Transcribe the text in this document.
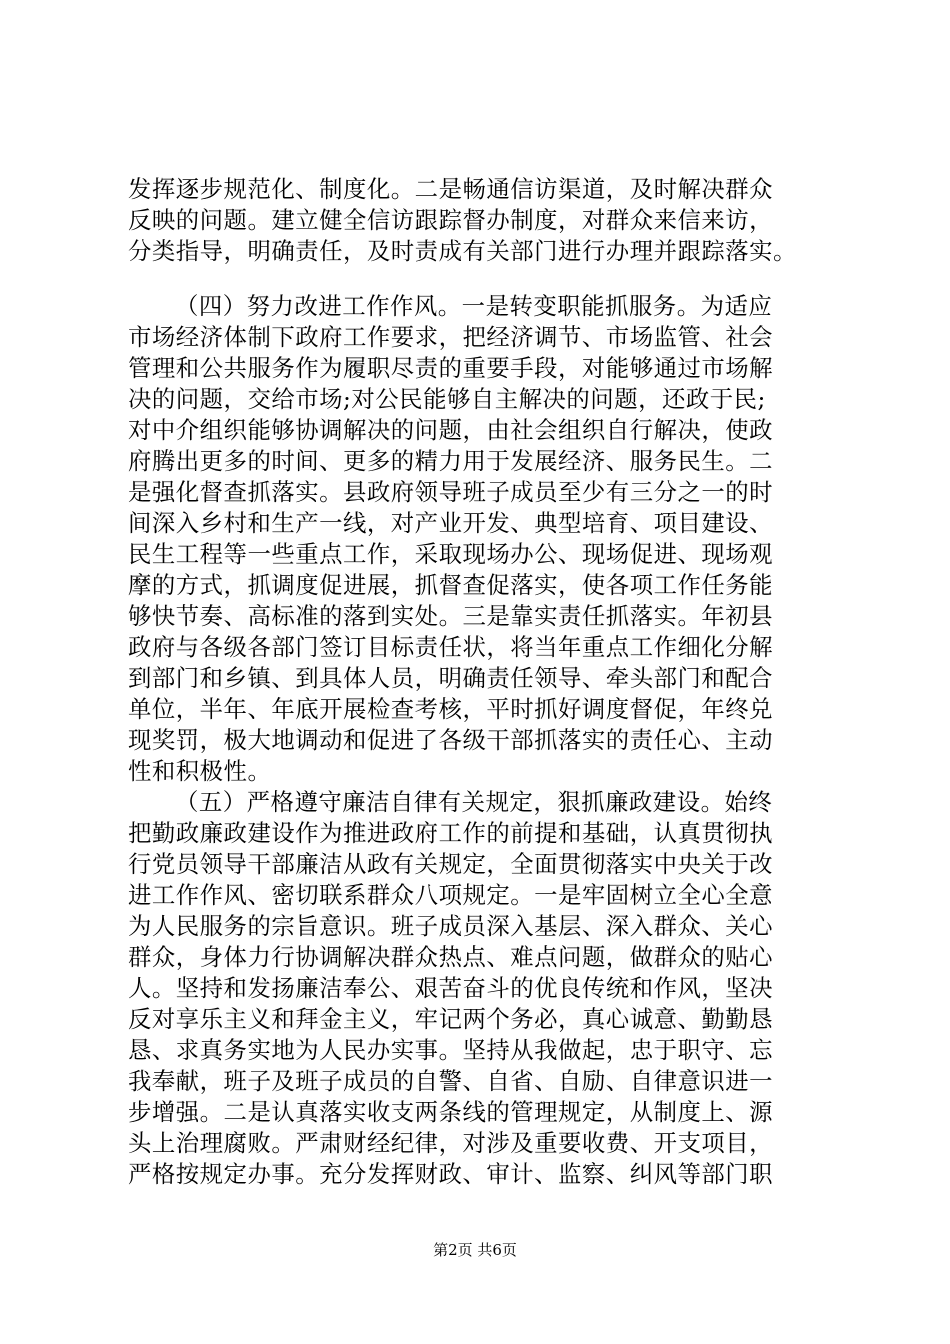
发挥逐步规范化、制度化。二是畅通信访渠道，及时解决群众
反映的问题。建立健全信访跟踪督办制度，对群众来信来访，
分类指导，明确责任，及时责成有关部门进行办理并跟踪落实。
（四）努力改进工作作风。一是转变职能抓服务。为适应
市场经济体制下政府工作要求，把经济调节、市场监管、社会
管理和公共服务作为履职尽责的重要手段，对能够通过市场解
决的问题，交给市场;对公民能够自主解决的问题，还政于民;
对中介组织能够协调解决的问题，由社会组织自行解决，使政
府腾出更多的时间、更多的精力用于发展经济、服务民生。二
是强化督查抓落实。县政府领导班子成员至少有三分之一的时
间深入乡村和生产一线，对产业开发、典型培育、项目建设、
民生工程等一些重点工作，采取现场办公、现场促进、现场观
摩的方式，抓调度促进展，抓督查促落实，使各项工作任务能
够快节奏、高标准的落到实处。三是靠实责任抓落实。年初县
政府与各级各部门签订目标责任状，将当年重点工作细化分解
到部门和乡镇、到具体人员，明确责任领导、牵头部门和配合
单位，半年、年底开展检查考核，平时抓好调度督促，年终兑
现奖罚，极大地调动和促进了各级干部抓落实的责任心、主动
性和积极性。
（五）严格遵守廉洁自律有关规定，狠抓廉政建设。始终
把勤政廉政建设作为推进政府工作的前提和基础，认真贯彻执
行党员领导干部廉洁从政有关规定，全面贯彻落实中央关于改
进工作作风、密切联系群众八项规定。一是牢固树立全心全意
为人民服务的宗旨意识。班子成员深入基层、深入群众、关心
群众，身体力行协调解决群众热点、难点问题，做群众的贴心
人。坚持和发扬廉洁奉公、艰苦奋斗的优良传统和作风，坚决
反对享乐主义和拜金主义，牢记两个务必，真心诚意、勤勤恳
恳、求真务实地为人民办实事。坚持从我做起，忠于职守、忘
我奉献，班子及班子成员的自警、自省、自励、自律意识进一
步增强。二是认真落实收支两条线的管理规定，从制度上、源
头上治理腐败。严肃财经纪律，对涉及重要收费、开支项目，
严格按规定办事。充分发挥财政、审计、监察、纠风等部门职
第2页 共6页
